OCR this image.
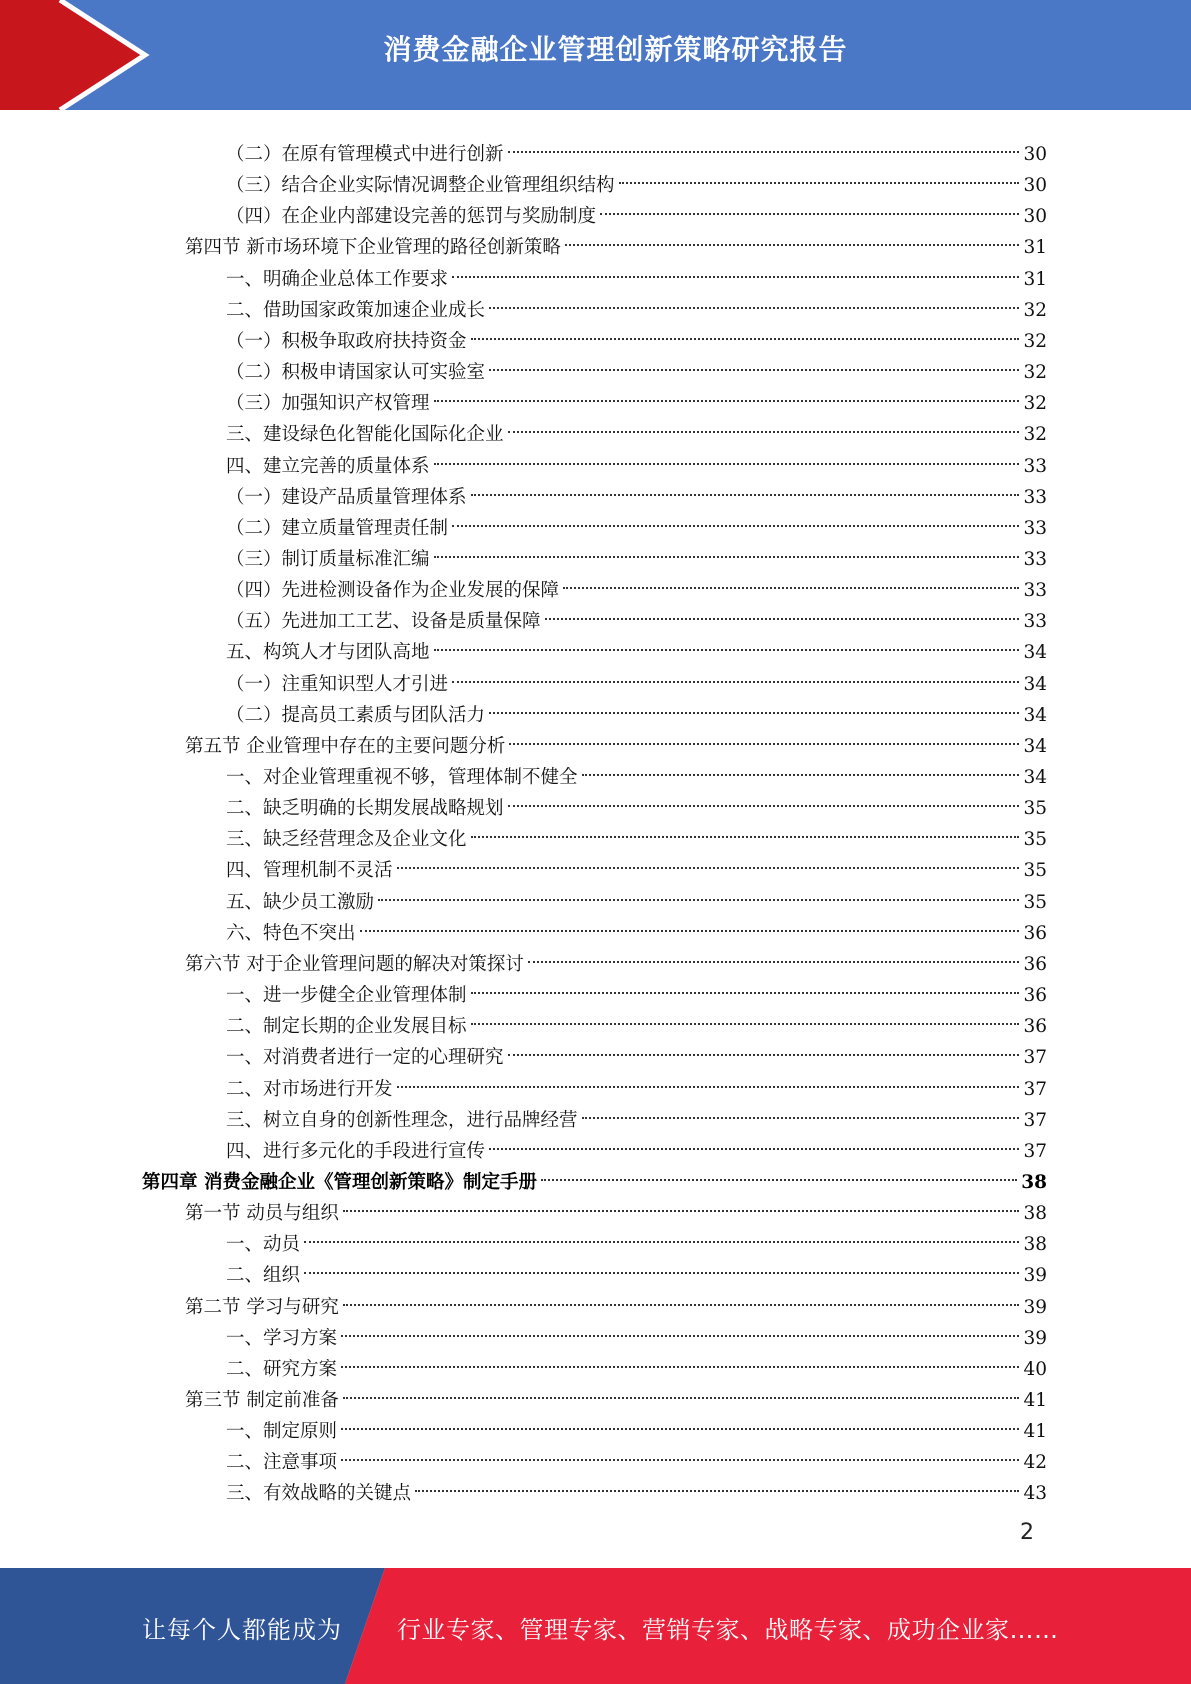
消费金融企业管理创新策略研究报告
（二）在原有管理模式中进行创新	30
（三）结合企业实际情况调整企业管理组织结构	30
（四）在企业内部建设完善的惩罚与奖励制度	30
第四节 新市场环境下企业管理的路径创新策略	31
一、明确企业总体工作要求	31
二、借助国家政策加速企业成长	32
（一）积极争取政府扶持资金	32
（二）积极申请国家认可实验室	32
（三）加强知识产权管理	32
三、建设绿色化智能化国际化企业	32
四、建立完善的质量体系	33
（一）建设产品质量管理体系	33
（二）建立质量管理责任制	33
（三）制订质量标准汇编	33
（四）先进检测设备作为企业发展的保障	33
（五）先进加工工艺、设备是质量保障	33
五、构筑人才与团队高地	34
（一）注重知识型人才引进	34
（二）提高员工素质与团队活力	34
第五节 企业管理中存在的主要问题分析	34
一、对企业管理重视不够，管理体制不健全	34
二、缺乏明确的长期发展战略规划	35
三、缺乏经营理念及企业文化	35
四、管理机制不灵活	35
五、缺少员工激励	35
六、特色不突出	36
第六节 对于企业管理问题的解决对策探讨	36
一、进一步健全企业管理体制	36
二、制定长期的企业发展目标	36
一、对消费者进行一定的心理研究	37
二、对市场进行开发	37
三、树立自身的创新性理念，进行品牌经营	37
四、进行多元化的手段进行宣传	37
第四章 消费金融企业《管理创新策略》制定手册	38
第一节 动员与组织	38
一、动员	38
二、组织	39
第二节 学习与研究	39
一、学习方案	39
二、研究方案	40
第三节 制定前准备	41
一、制定原则	41
二、注意事项	42
三、有效战略的关键点	43
2
让每个人都能成为 行业专家、管理专家、营销专家、战略专家、成功企业家……
